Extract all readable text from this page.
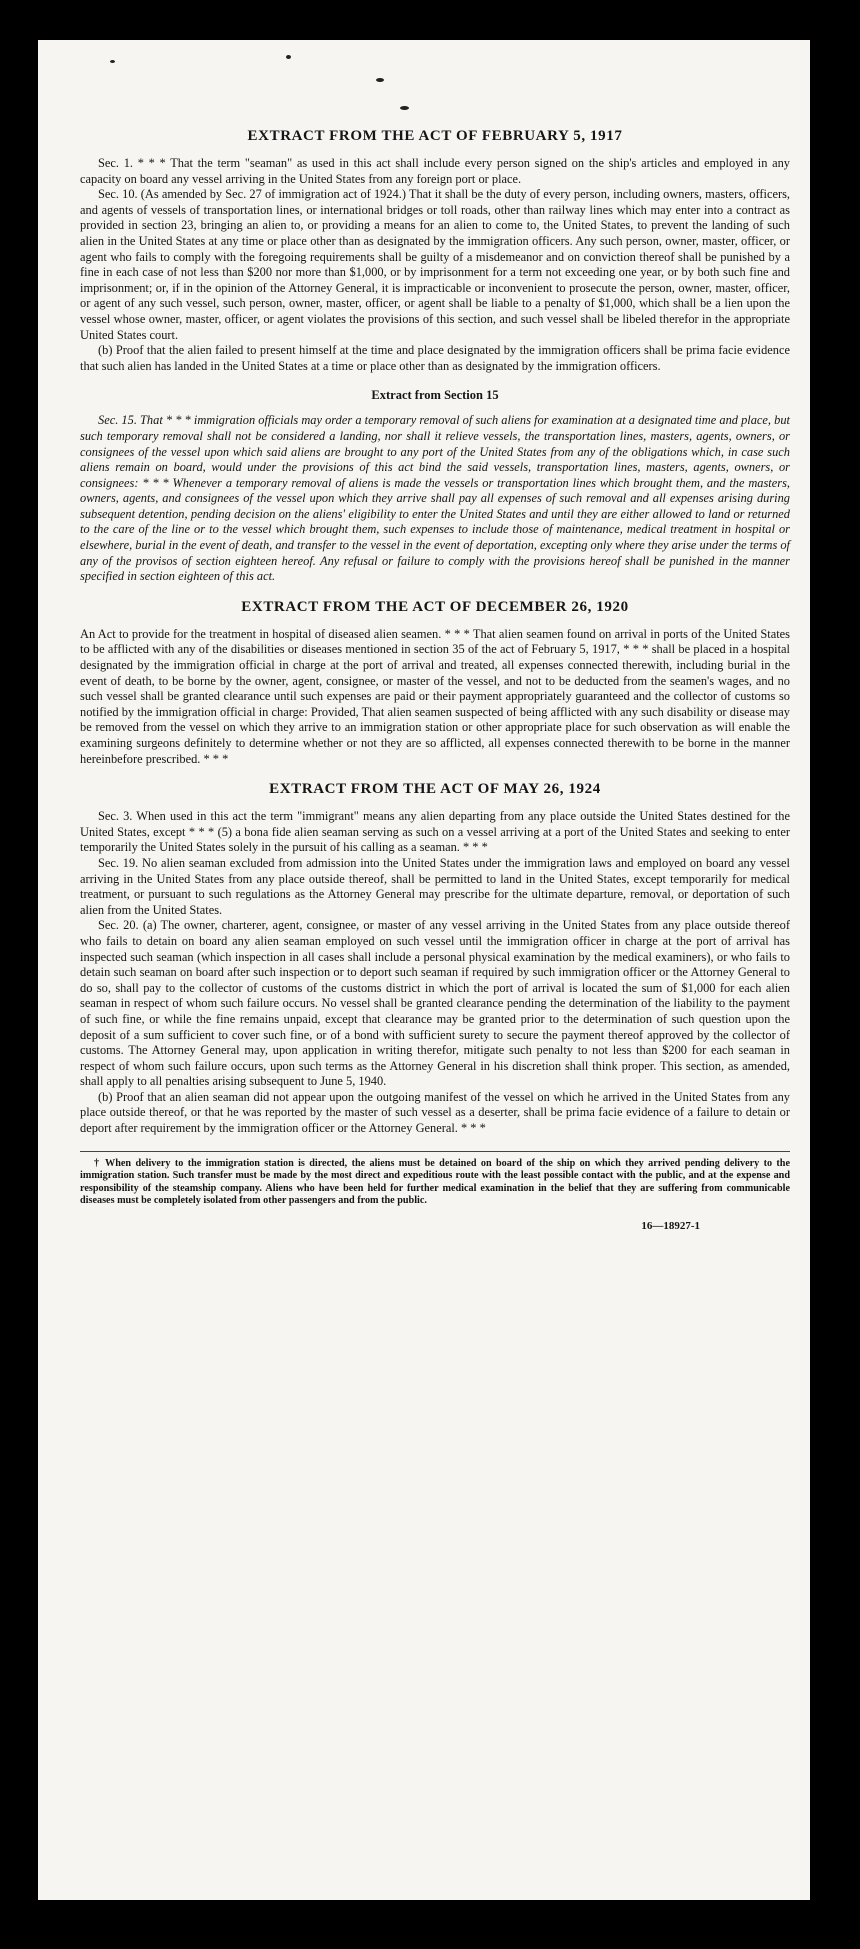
EXTRACT FROM THE ACT OF FEBRUARY 5, 1917

Sec. 1. * * * That the term "seaman" as used in this act shall include every person signed on the ship's articles and employed in any capacity on board any vessel arriving in the United States from any foreign port or place.

Sec. 10. (As amended by Sec. 27 of immigration act of 1924.) That it shall be the duty of every person, including owners, masters, officers, and agents of vessels of transportation lines, or international bridges or toll roads, other than railway lines which may enter into a contract as provided in section 23, bringing an alien to, or providing a means for an alien to come to, the United States, to prevent the landing of such alien in the United States at any time or place other than as designated by the immigration officers. Any such person, owner, master, officer, or agent who fails to comply with the foregoing requirements shall be guilty of a misdemeanor and on conviction thereof shall be punished by a fine in each case of not less than $200 nor more than $1,000, or by imprisonment for a term not exceeding one year, or by both such fine and imprisonment; or, if in the opinion of the Attorney General, it is impracticable or inconvenient to prosecute the person, owner, master, officer, or agent of any such vessel, such person, owner, master, officer, or agent shall be liable to a penalty of $1,000, which shall be a lien upon the vessel whose owner, master, officer, or agent violates the provisions of this section, and such vessel shall be libeled therefor in the appropriate United States court.

(b) Proof that the alien failed to present himself at the time and place designated by the immigration officers shall be prima facie evidence that such alien has landed in the United States at a time or place other than as designated by the immigration officers.

Extract from Section 15

Sec. 15. That * * * immigration officials may order a temporary removal of such aliens for examination at a designated time and place, but such temporary removal shall not be considered a landing, nor shall it relieve vessels, the transportation lines, masters, agents, owners, or consignees of the vessel upon which said aliens are brought to any port of the United States from any of the obligations which, in case such aliens remain on board, would under the provisions of this act bind the said vessels, transportation lines, masters, agents, owners, or consignees: * * * Whenever a temporary removal of aliens is made the vessels or transportation lines which brought them, and the masters, owners, agents, and consignees of the vessel upon which they arrive shall pay all expenses of such removal and all expenses arising during subsequent detention, pending decision on the aliens' eligibility to enter the United States and until they are either allowed to land or returned to the care of the line or to the vessel which brought them, such expenses to include those of maintenance, medical treatment in hospital or elsewhere, burial in the event of death, and transfer to the vessel in the event of deportation, excepting only where they arise under the terms of any of the provisos of section eighteen hereof. Any refusal or failure to comply with the provisions hereof shall be punished in the manner specified in section eighteen of this act.

EXTRACT FROM THE ACT OF DECEMBER 26, 1920

An Act to provide for the treatment in hospital of diseased alien seamen. * * * That alien seamen found on arrival in ports of the United States to be afflicted with any of the disabilities or diseases mentioned in section 35 of the act of February 5, 1917, * * * shall be placed in a hospital designated by the immigration official in charge at the port of arrival and treated, all expenses connected therewith, including burial in the event of death, to be borne by the owner, agent, consignee, or master of the vessel, and not to be deducted from the seamen's wages, and no such vessel shall be granted clearance until such expenses are paid or their payment appropriately guaranteed and the collector of customs so notified by the immigration official in charge: Provided, That alien seamen suspected of being afflicted with any such disability or disease may be removed from the vessel on which they arrive to an immigration station or other appropriate place for such observation as will enable the examining surgeons definitely to determine whether or not they are so afflicted, all expenses connected therewith to be borne in the manner hereinbefore prescribed. * * *

EXTRACT FROM THE ACT OF MAY 26, 1924

Sec. 3. When used in this act the term "immigrant" means any alien departing from any place outside the United States destined for the United States, except * * * (5) a bona fide alien seaman serving as such on a vessel arriving at a port of the United States and seeking to enter temporarily the United States solely in the pursuit of his calling as a seaman. * * *

Sec. 19. No alien seaman excluded from admission into the United States under the immigration laws and employed on board any vessel arriving in the United States from any place outside thereof, shall be permitted to land in the United States, except temporarily for medical treatment, or pursuant to such regulations as the Attorney General may prescribe for the ultimate departure, removal, or deportation of such alien from the United States.

Sec. 20. (a) The owner, charterer, agent, consignee, or master of any vessel arriving in the United States from any place outside thereof who fails to detain on board any alien seaman employed on such vessel until the immigration officer in charge at the port of arrival has inspected such seaman (which inspection in all cases shall include a personal physical examination by the medical examiners), or who fails to detain such seaman on board after such inspection or to deport such seaman if required by such immigration officer or the Attorney General to do so, shall pay to the collector of customs of the customs district in which the port of arrival is located the sum of $1,000 for each alien seaman in respect of whom such failure occurs. No vessel shall be granted clearance pending the determination of the liability to the payment of such fine, or while the fine remains unpaid, except that clearance may be granted prior to the determination of such question upon the deposit of a sum sufficient to cover such fine, or of a bond with sufficient surety to secure the payment thereof approved by the collector of customs. The Attorney General may, upon application in writing therefor, mitigate such penalty to not less than $200 for each seaman in respect of whom such failure occurs, upon such terms as the Attorney General in his discretion shall think proper. This section, as amended, shall apply to all penalties arising subsequent to June 5, 1940.

(b) Proof that an alien seaman did not appear upon the outgoing manifest of the vessel on which he arrived in the United States from any place outside thereof, or that he was reported by the master of such vessel as a deserter, shall be prima facie evidence of a failure to detain or deport after requirement by the immigration officer or the Attorney General. * * *

† When delivery to the immigration station is directed, the aliens must be detained on board of the ship on which they arrived pending delivery to the immigration station. Such transfer must be made by the most direct and expeditious route with the least possible contact with the public, and at the expense and responsibility of the steamship company. Aliens who have been held for further medical examination in the belief that they are suffering from communicable diseases must be completely isolated from other passengers and from the public.

16—18927-1
